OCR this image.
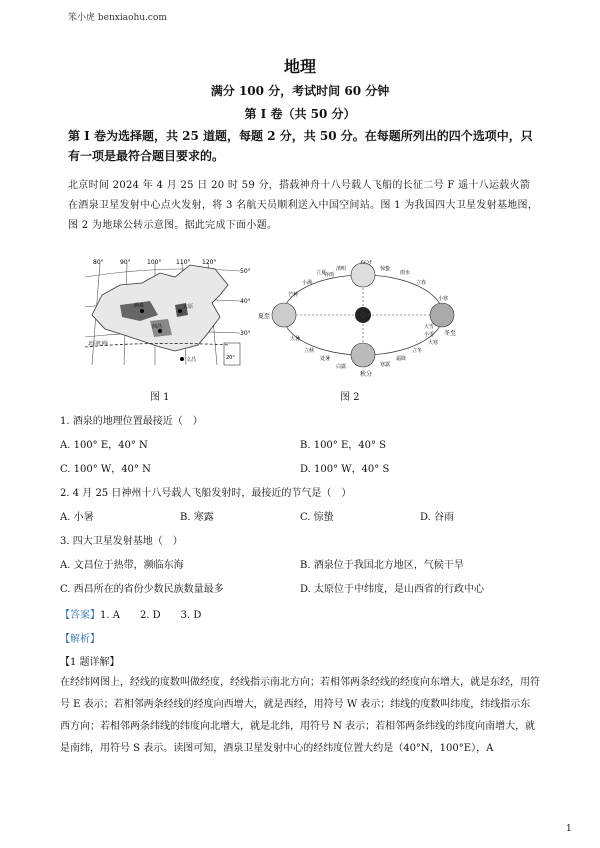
笨小虎 benxiaohu.com
地理
满分 100 分，考试时间 60 分钟
第 I 卷（共 50 分）
第 I 卷为选择题，共 25 道题，每题 2 分，共 50 分。在每题所列出的四个选项中，只有一项是最符合题目要求的。
北京时间 2024 年 4 月 25 日 20 时 59 分，搭载神舟十八号载人飞船的长征二号 F 遥十八运载火箭在酒泉卫星发射中心点火发射，将 3 名航天员顺利送入中国空间站。图 1 为我国四大卫星发射基地图，图 2 为地球公转示意图。据此完成下面小题。
80°	90°	100° 110° 120°
50°
40°
30°
酒泉	太原
西昌
文昌
北回归线
20°
图 1
夏至
冬至
春分
秋分
立夏
清明	惊蛰
雨水
立春
小满
芒种
大寒
小寒
大暑
立秋
处暑
白露	寒露
霜降
立冬
小雪
大雪
谷雨
图 2
1. 酒泉的地理位置最接近（　）
A. 100° E，40° N	B. 100° E，40° S
C. 100° W，40° N	D. 100° W，40° S
2. 4 月 25 日神州十八号载人飞船发射时，最接近的节气是（　）
A. 小暑	B. 寒露	C. 惊蛰	D. 谷雨
3. 四大卫星发射基地（　）
A. 文昌位于热带，濒临东海	B. 酒泉位于我国北方地区，气候干旱
C. 西昌所在的省份少数民族数量最多	D. 太原位于中纬度，是山西省的行政中心
【答案】1. A　　2. D　　3. D
【解析】
【1 题详解】
在经纬网图上，经线的度数叫做经度，经线指示南北方向；若相邻两条经线的经度向东增大，就是东经，用符号 E 表示；若相邻两条经线的经度向西增大，就是西经，用符号 W 表示；纬线的度数叫纬度，纬线指示东西方向；若相邻两条纬线的纬度向北增大，就是北纬，用符号 N 表示；若相邻两条纬线的纬度向南增大，就是南纬，用符号 S 表示。读图可知，酒泉卫星发射中心的经纬度位置大约是（40°N，100°E），A
1
